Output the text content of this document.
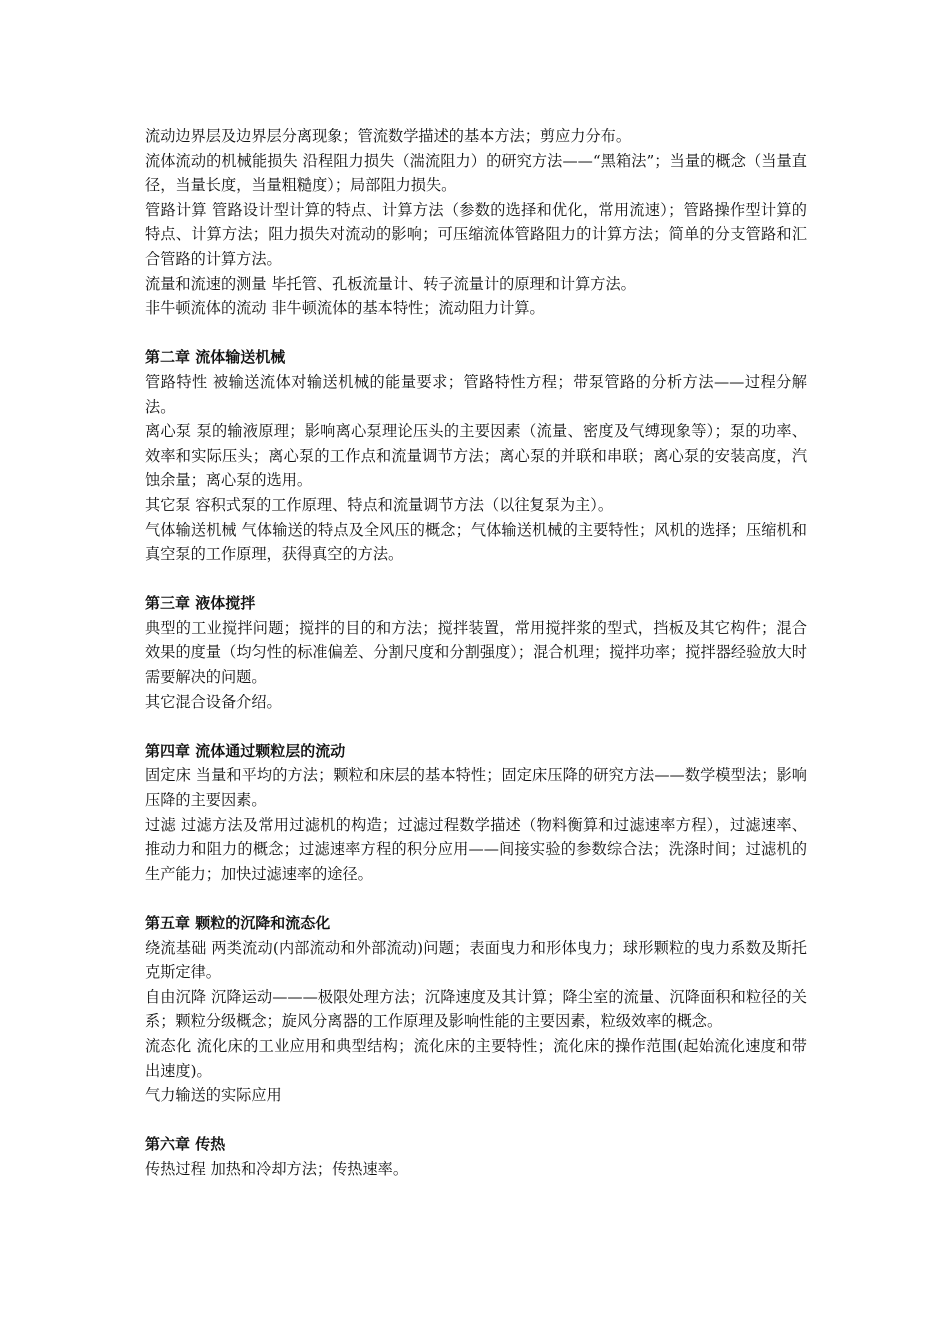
流动边界层及边界层分离现象；管流数学描述的基本方法；剪应力分布。

流体流动的机械能损失 沿程阻力损失（湍流阻力）的研究方法——“黑箱法”；当量的概念（当量直径，当量长度，当量粗糙度）；局部阻力损失。

管路计算 管路设计型计算的特点、计算方法（参数的选择和优化，常用流速）；管路操作型计算的特点、计算方法；阻力损失对流动的影响；可压缩流体管路阻力的计算方法；简单的分支管路和汇合管路的计算方法。

流量和流速的测量 毕托管、孔板流量计、转子流量计的原理和计算方法。

非牛顿流体的流动 非牛顿流体的基本特性；流动阻力计算。

第二章 流体输送机械

管路特性 被输送流体对输送机械的能量要求；管路特性方程；带泵管路的分析方法——过程分解法。

离心泵 泵的输液原理；影响离心泵理论压头的主要因素（流量、密度及气缚现象等）；泵的功率、效率和实际压头；离心泵的工作点和流量调节方法；离心泵的并联和串联；离心泵的安装高度，汽蚀余量；离心泵的选用。

其它泵 容积式泵的工作原理、特点和流量调节方法（以往复泵为主）。

气体输送机械 气体输送的特点及全风压的概念；气体输送机械的主要特性；风机的选择；压缩机和真空泵的工作原理，获得真空的方法。

第三章 液体搅拌

典型的工业搅拌问题；搅拌的目的和方法；搅拌装置，常用搅拌浆的型式，挡板及其它构件；混合效果的度量（均匀性的标准偏差、分割尺度和分割强度）；混合机理；搅拌功率；搅拌器经验放大时需要解决的问题。

其它混合设备介绍。

第四章 流体通过颗粒层的流动

固定床 当量和平均的方法；颗粒和床层的基本特性；固定床压降的研究方法——数学模型法；影响压降的主要因素。

过滤 过滤方法及常用过滤机的构造；过滤过程数学描述（物料衡算和过滤速率方程），过滤速率、推动力和阻力的概念；过滤速率方程的积分应用——间接实验的参数综合法；洗涤时间；过滤机的生产能力；加快过滤速率的途径。

第五章 颗粒的沉降和流态化

绕流基础 两类流动(内部流动和外部流动)问题；表面曳力和形体曳力；球形颗粒的曳力系数及斯托克斯定律。

自由沉降 沉降运动———极限处理方法；沉降速度及其计算；降尘室的流量、沉降面积和粒径的关系；颗粒分级概念；旋风分离器的工作原理及影响性能的主要因素，粒级效率的概念。

流态化 流化床的工业应用和典型结构；流化床的主要特性；流化床的操作范围(起始流化速度和带出速度)。

气力输送的实际应用

第六章 传热

传热过程 加热和冷却方法；传热速率。
